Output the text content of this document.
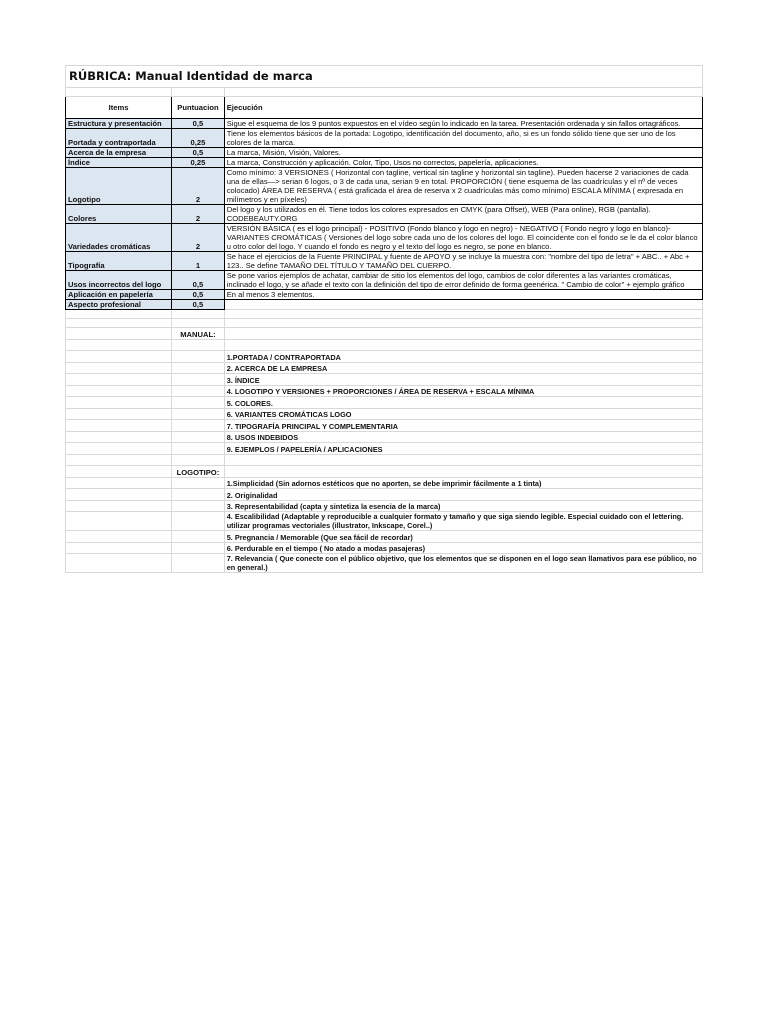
RÚBRICA: Manual Identidad de marca		

Items	Puntuacion	Ejecución
Estructura y presentación	0,5	Sigue el esquema de los 9 puntos expuestos en el vídeo según lo indicado en la tarea. Presentación ordenada y sin fallos ortagráficos.
Portada y contraportada	0,25	Tiene los elementos básicos de la portada: Logotipo, identificación del documento, año, si es un fondo sólido tiene que ser uno de los colores de la marca.
Acerca de la empresa	0,5	La marca, Misión, Visión, Valores.
Índice	0,25	La marca, Construcción y aplicación. Color, Tipo, Usos no correctos, papelería, aplicaciones.
Logotipo	2	Como mínimo: 3 VERSIONES ( Horizontal con tagline, vertical sin tagline y horizontal sin tagline). Pueden hacerse 2 variaciones de cada una de ellas—> serian 6 logos, o 3 de cada una, serian 9 en total. PROPORCIÓN ( tiene esquema de las cuadrículas y el nº de veces colocado) ÁREA DE RESERVA ( está graficada el área de reserva x 2 cuadrículas más como mínimo) ESCALA MÍNIMA ( expresada en milímetros y en píxeles)
Colores	2	Del logo y los utilizados en él. Tiene todos los colores expresados en CMYK (para Offset), WEB (Para online), RGB (pantalla). CODEBEAUTY.ORG
Variedades cromáticas	2	VERSIÓN BÁSICA ( es el logo principal) - POSITIVO (Fondo blanco y logo en negro) - NEGATIVO ( Fondo negro y logo en blanco)- VARIANTES CROMÁTICAS ( Versiones del logo sobre cada uno de los colores del logo. El coincidente con el fondo se le da el color blanco u otro color del logo. Y cuando el fondo es negro y el texto del logo es negro, se pone en blanco.
Tipografía	1	Se hace el ejercicios de la Fuente PRINCIPAL y fuente de APOYO y se incluye la muestra con: "nombre del tipo de letra" + ABC.. + Abc + 123.. Se define TAMAÑO DEL TÍTULO Y TAMAÑO DEL CUERPO.
Usos incorrectos del logo	0,5	Se pone varios ejemplos de achatar, cambiar de sitio los elementos del logo, cambios de color diferentes a las variantes cromáticas, inclinado el logo, y se añade el texto con la definición del tipo de error definido de forma geenérica. " Cambio de color" + ejemplo gráfico
Aplicación en papelería	0,5	En al menos 3 elementos.
Aspecto profesional	0,5	

	MANUAL:	

		1.PORTADA / CONTRAPORTADA
		2. ACERCA DE LA EMPRESA
		3. ÍNDICE
		4. LOGOTIPO Y VERSIONES + PROPORCIONES / ÁREA DE RESERVA + ESCALA MÍNIMA
		5. COLORES.
		6. VARIANTES CROMÁTICAS LOGO
		7. TIPOGRAFÍA PRINCIPAL Y COMPLEMENTARIA
		8. USOS INDEBIDOS
		9. EJEMPLOS / PAPELERÍA / APLICACIONES

	LOGOTIPO:	
		1.Simplicidad (Sin adornos estéticos que no aporten, se debe imprimir fácilmente a 1 tinta)
		2. Originalidad
		3. Representabilidad (capta y sintetiza la esencia de la marca)
		4. Escalibilidad (Adaptable y reproducible a cualquier formato y tamaño y que siga siendo legible. Especial cuidado con el lettering. utilizar programas vectoriales (illustrator, Inkscape, Corel..)
		5. Pregnancia / Memorable (Que sea fácil de recordar)
		6. Perdurable en el tiempo ( No atado a modas pasajeras)
		7. Relevancia ( Que conecte con el público objetivo, que los elementos que se disponen en el logo sean llamativos para ese público, no en general.)
